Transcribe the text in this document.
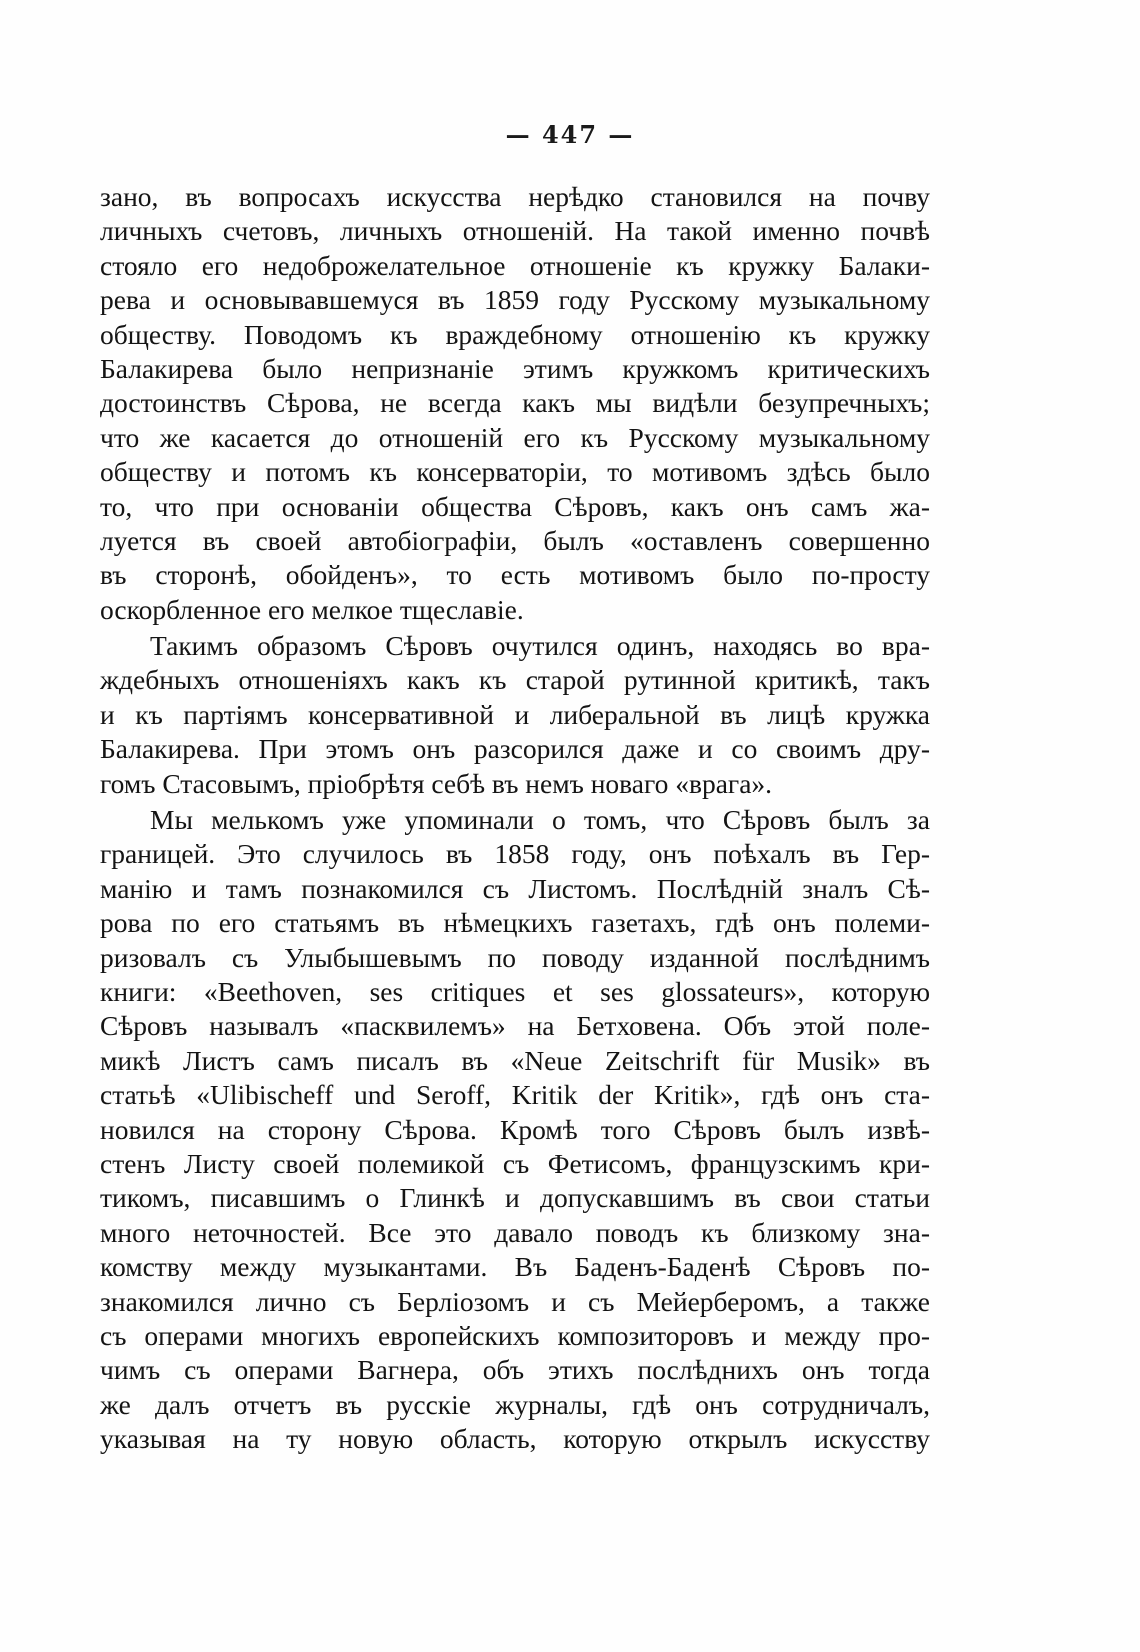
— 447 —
зано, въ вопросахъ искусства нерѣдко становился на почву
личныхъ счетовъ, личныхъ отношеній. На такой именно почвѣ
стояло его недоброжелательное отношеніе къ кружку Балаки-
рева и основывавшемуся въ 1859 году Русскому музыкальному
обществу. Поводомъ къ враждебному отношенію къ кружку
Балакирева было непризнаніе этимъ кружкомъ критическихъ
достоинствъ Сѣрова, не всегда какъ мы видѣли безупречныхъ;
что же касается до отношеній его къ Русскому музыкальному
обществу и потомъ къ консерваторіи, то мотивомъ здѣсь было
то, что при основаніи общества Сѣровъ, какъ онъ самъ жа-
луется въ своей автобіографіи, былъ «оставленъ совершенно
въ сторонѣ, обойденъ», то есть мотивомъ было по-просту
оскорбленное его мелкое тщеславіе.
Такимъ образомъ Сѣровъ очутился одинъ, находясь во вра-
ждебныхъ отношеніяхъ какъ къ старой рутинной критикѣ, такъ
и къ партіямъ консервативной и либеральной въ лицѣ кружка
Балакирева. При этомъ онъ разсорился даже и со своимъ дру-
гомъ Стасовымъ, пріобрѣтя себѣ въ немъ новаго «врага».
Мы мелькомъ уже упоминали о томъ, что Сѣровъ былъ за
границей. Это случилось въ 1858 году, онъ поѣхалъ въ Гер-
манію и тамъ познакомился съ Листомъ. Послѣдній зналъ Сѣ-
рова по его статьямъ въ нѣмецкихъ газетахъ, гдѣ онъ полеми-
ризовалъ съ Улыбышевымъ по поводу изданной послѣднимъ
книги: «Beethoven, ses critiques et ses glossateurs», которую
Сѣровъ называлъ «пасквилемъ» на Бетховена. Объ этой поле-
микѣ Листъ самъ писалъ въ «Neue Zeitschrift für Musik» въ
статьѣ «Ulibischeff und Seroff, Kritik der Kritik», гдѣ онъ ста-
новился на сторону Сѣрова. Кромѣ того Сѣровъ былъ извѣ-
стенъ Листу своей полемикой съ Фетисомъ, французскимъ кри-
тикомъ, писавшимъ о Глинкѣ и допускавшимъ въ свои статьи
много неточностей. Все это давало поводъ къ близкому зна-
комству между музыкантами. Въ Баденъ-Баденѣ Сѣровъ по-
знакомился лично съ Берліозомъ и съ Мейерберомъ, а также
съ операми многихъ европейскихъ композиторовъ и между про-
чимъ съ операми Вагнера, объ этихъ послѣднихъ онъ тогда
же далъ отчетъ въ русскіе журналы, гдѣ онъ сотрудничалъ,
указывая на ту новую область, которую открылъ искусству
